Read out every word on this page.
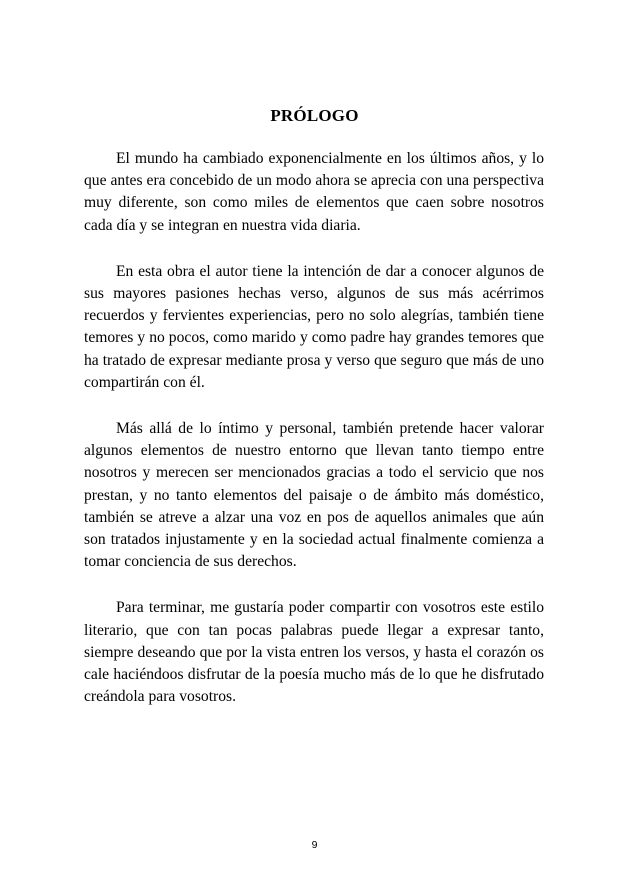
PRÓLOGO

El mundo ha cambiado exponencialmente en los últimos años, y lo que antes era concebido de un modo ahora se aprecia con una perspectiva muy diferente, son como miles de elementos que caen sobre nosotros cada día y se integran en nuestra vida diaria.

En esta obra el autor tiene la intención de dar a conocer algunos de sus mayores pasiones hechas verso, algunos de sus más acérrimos recuerdos y fervientes experiencias, pero no solo alegrías, también tiene temores y no pocos, como marido y como padre hay grandes temores que ha tratado de expresar mediante prosa y verso que seguro que más de uno compartirán con él.

Más allá de lo íntimo y personal, también pretende hacer valorar algunos elementos de nuestro entorno que llevan tanto tiempo entre nosotros y merecen ser mencionados gracias a todo el servicio que nos prestan, y no tanto elementos del paisaje o de ámbito más doméstico, también se atreve a alzar una voz en pos de aquellos animales que aún son tratados injustamente y en la sociedad actual finalmente comienza a tomar conciencia de sus derechos.

Para terminar, me gustaría poder compartir con vosotros este estilo literario, que con tan pocas palabras puede llegar a expresar tanto, siempre deseando que por la vista entren los versos, y hasta el corazón os cale haciéndoos disfrutar de la poesía mucho más de lo que he disfrutado creándola para vosotros.

9
